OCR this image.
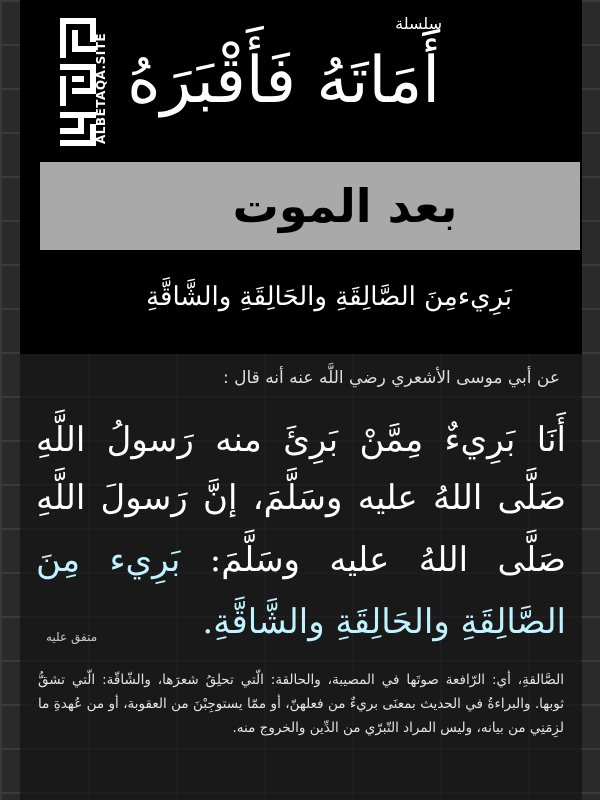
ALBETAQA.SITE
سلسلة
أَمَاتَهُ فَأَقْبَرَهُ
بعد الموت
بَرِيءمِنَ الصَّالِقَةِ والحَالِقَةِ والشَّاقَّةِ
عن أبي موسى الأشعري رضي اللَّه عنه أنه قال :
أَنَا بَرِيءٌ مِمَّنْ بَرِئَ منه رَسولُ اللَّهِ
صَلَّى اللهُ عليه وسَلَّمَ، إنَّ رَسولَ اللَّهِ
صَلَّى اللهُ عليه وسَلَّمَ: بَرِيء مِنَ
الصَّالِقَةِ والحَالِقَةِ والشَّاقَّةِ.
متفق عليه
الصَّالقةِ، أي: الرّافعة صوتَها في المصيبة، والحالقة: الّتي تحلِقُ شعرَها، والشّاقّة: الّتي تشقُّ ثوبها. والبراءةُ في الحديث بمعنَى بريءٌ من فعلهنّ، أو ممّا يستوجِبْنَ من العقوبة، أو من عُهدةِ ما لزِمَنِي من بيانه، وليس المراد التّبرّي من الدِّين والخروج منه.
